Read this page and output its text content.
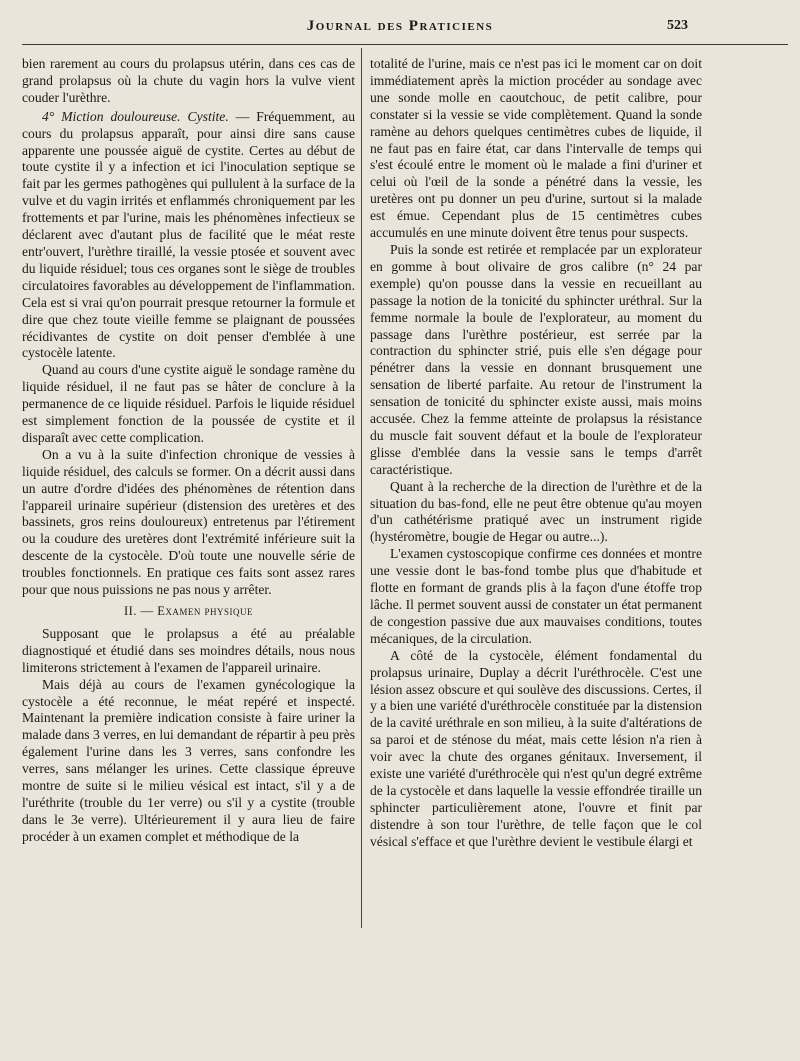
Journal des Praticiens	523

bien rarement au cours du prolapsus utérin, dans ces cas de grand prolapsus où la chute du vagin hors la vulve vient couder l'urèthre.

4° Miction douloureuse. Cystite. — Fréquemment, au cours du prolapsus apparaît, pour ainsi dire sans cause apparente une poussée aiguë de cystite. Certes au début de toute cystite il y a infection et ici l'inoculation septique se fait par les germes pathogènes qui pullulent à la surface de la vulve et du vagin irrités et enflammés chroniquement par les frottements et par l'urine, mais les phénomènes infectieux se déclarent avec d'autant plus de facilité que le méat reste entr'ouvert, l'urèthre tiraillé, la vessie ptosée et souvent avec du liquide résiduel; tous ces organes sont le siège de troubles circulatoires favorables au développement de l'inflammation. Cela est si vrai qu'on pourrait presque retourner la formule et dire que chez toute vieille femme se plaignant de poussées récidivantes de cystite on doit penser d'emblée à une cystocèle latente.

Quand au cours d'une cystite aiguë le sondage ramène du liquide résiduel, il ne faut pas se hâter de conclure à la permanence de ce liquide résiduel. Parfois le liquide résiduel est simplement fonction de la poussée de cystite et il disparaît avec cette complication.

On a vu à la suite d'infection chronique de vessies à liquide résiduel, des calculs se former. On a décrit aussi dans un autre d'ordre d'idées des phénomènes de rétention dans l'appareil urinaire supérieur (distension des uretères et des bassinets, gros reins douloureux) entretenus par l'étirement ou la coudure des uretères dont l'extrémité inférieure suit la descente de la cystocèle. D'où toute une nouvelle série de troubles fonctionnels. En pratique ces faits sont assez rares pour que nous puissions ne pas nous y arrêter.

II. — Examen physique

Supposant que le prolapsus a été au préalable diagnostiqué et étudié dans ses moindres détails, nous nous limiterons strictement à l'examen de l'appareil urinaire.

Mais déjà au cours de l'examen gynécologique la cystocèle a été reconnue, le méat repéré et inspecté. Maintenant la première indication consiste à faire uriner la malade dans 3 verres, en lui demandant de répartir à peu près également l'urine dans les 3 verres, sans confondre les verres, sans mélanger les urines. Cette classique épreuve montre de suite si le milieu vésical est intact, s'il y a de l'uréthrite (trouble du 1er verre) ou s'il y a cystite (trouble dans le 3e verre). Ultérieurement il y aura lieu de faire procéder à un examen complet et méthodique de la

totalité de l'urine, mais ce n'est pas ici le moment car on doit immédiatement après la miction procéder au sondage avec une sonde molle en caoutchouc, de petit calibre, pour constater si la vessie se vide complètement. Quand la sonde ramène au dehors quelques centimètres cubes de liquide, il ne faut pas en faire état, car dans l'intervalle de temps qui s'est écoulé entre le moment où le malade a fini d'uriner et celui où l'œil de la sonde a pénétré dans la vessie, les uretères ont pu donner un peu d'urine, surtout si la malade est émue. Cependant plus de 15 centimètres cubes accumulés en une minute doivent être tenus pour suspects.

Puis la sonde est retirée et remplacée par un explorateur en gomme à bout olivaire de gros calibre (n° 24 par exemple) qu'on pousse dans la vessie en recueillant au passage la notion de la tonicité du sphincter uréthral. Sur la femme normale la boule de l'explorateur, au moment du passage dans l'urèthre postérieur, est serrée par la contraction du sphincter strié, puis elle s'en dégage pour pénétrer dans la vessie en donnant brusquement une sensation de liberté parfaite. Au retour de l'instrument la sensation de tonicité du sphincter existe aussi, mais moins accusée. Chez la femme atteinte de prolapsus la résistance du muscle fait souvent défaut et la boule de l'explorateur glisse d'emblée dans la vessie sans le temps d'arrêt caractéristique.

Quant à la recherche de la direction de l'urèthre et de la situation du bas-fond, elle ne peut être obtenue qu'au moyen d'un cathétérisme pratiqué avec un instrument rigide (hystéromètre, bougie de Hegar ou autre...).

L'examen cystoscopique confirme ces données et montre une vessie dont le bas-fond tombe plus que d'habitude et flotte en formant de grands plis à la façon d'une étoffe trop lâche. Il permet souvent aussi de constater un état permanent de congestion passive due aux mauvaises conditions, toutes mécaniques, de la circulation.

A côté de la cystocèle, élément fondamental du prolapsus urinaire, Duplay a décrit l'uréthrocèle. C'est une lésion assez obscure et qui soulève des discussions. Certes, il y a bien une variété d'uréthrocèle constituée par la distension de la cavité uréthrale en son milieu, à la suite d'altérations de sa paroi et de sténose du méat, mais cette lésion n'a rien à voir avec la chute des organes génitaux. Inversement, il existe une variété d'uréthrocèle qui n'est qu'un degré extrême de la cystocèle et dans laquelle la vessie effondrée tiraille un sphincter particulièrement atone, l'ouvre et finit par distendre à son tour l'urèthre, de telle façon que le col vésical s'efface et que l'urèthre devient le vestibule élargi et
